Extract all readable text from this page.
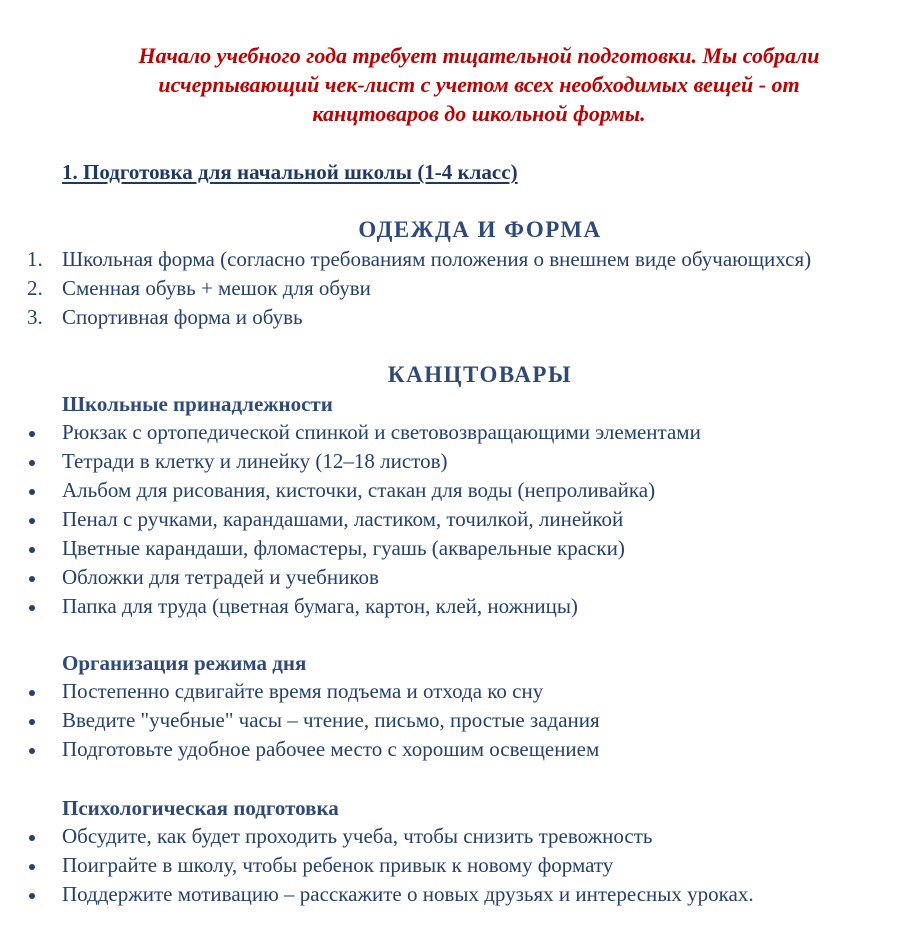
Начало учебного года требует тщательной подготовки. Мы собрали
исчерпывающий чек-лист с учетом всех необходимых вещей - от
канцтоваров до школьной формы.
1. Подготовка для начальной школы (1-4 класс)
ОДЕЖДА И ФОРМА
1. Школьная форма (согласно требованиям положения о внешнем виде обучающихся)
2. Сменная обувь + мешок для обуви
3. Спортивная форма и обувь
КАНЦТОВАРЫ
Школьные принадлежности
Рюкзак с ортопедической спинкой и световозвращающими элементами
Тетради в клетку и линейку (12–18 листов)
Альбом для рисования, кисточки, стакан для воды (непроливайка)
Пенал с ручками, карандашами, ластиком, точилкой, линейкой
Цветные карандаши, фломастеры, гуашь (акварельные краски)
Обложки для тетрадей и учебников
Папка для труда (цветная бумага, картон, клей, ножницы)
Организация режима дня
Постепенно сдвигайте время подъема и отхода ко сну
Введите "учебные" часы – чтение, письмо, простые задания
Подготовьте удобное рабочее место с хорошим освещением
Психологическая подготовка
Обсудите, как будет проходить учеба, чтобы снизить тревожность
Поиграйте в школу, чтобы ребенок привык к новому формату
Поддержите мотивацию – расскажите о новых друзьях и интересных уроках.
